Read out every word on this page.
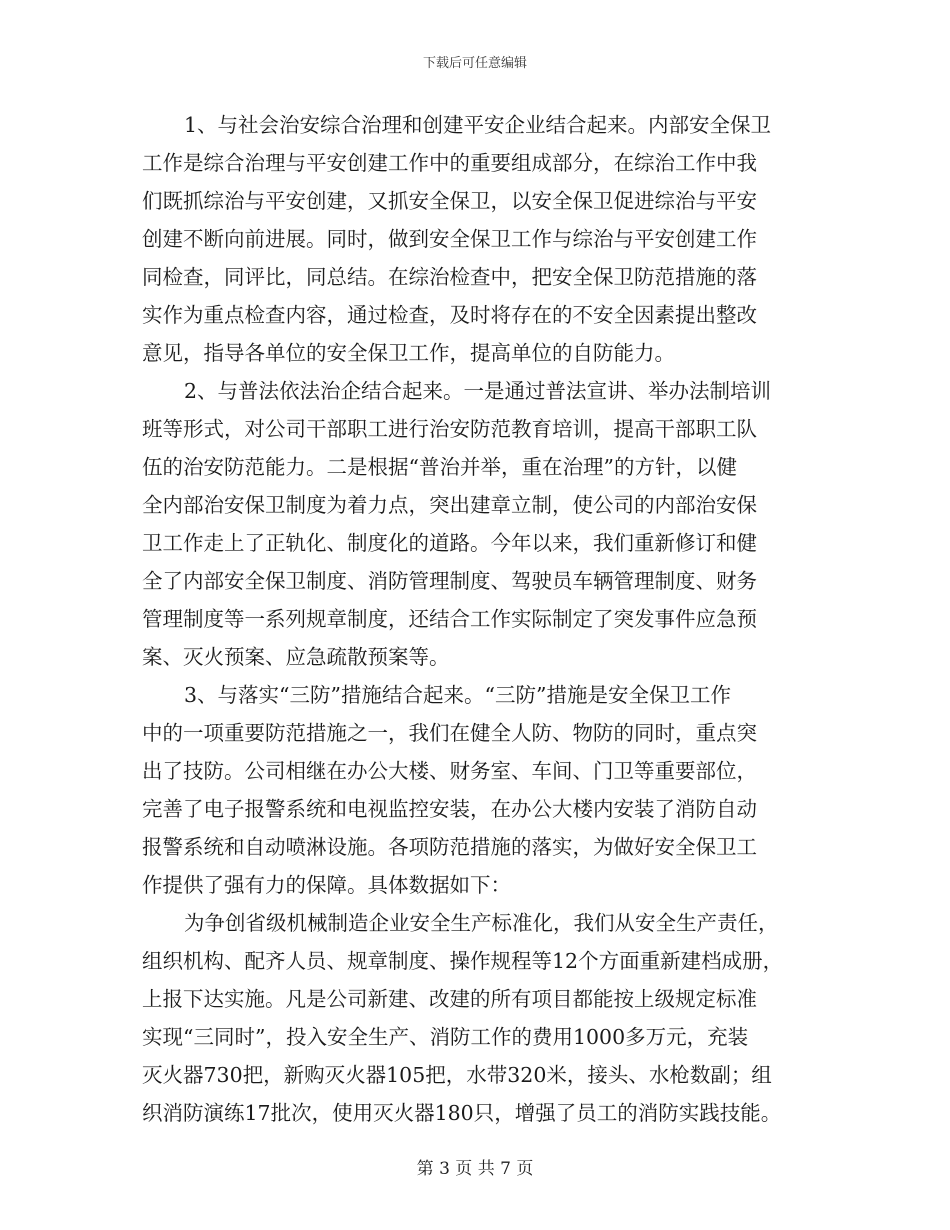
下载后可任意编辑
1、与社会治安综合治理和创建平安企业结合起来。内部安全保卫
工作是综合治理与平安创建工作中的重要组成部分，在综治工作中我
们既抓综治与平安创建，又抓安全保卫，以安全保卫促进综治与平安
创建不断向前进展。同时，做到安全保卫工作与综治与平安创建工作
同检查，同评比，同总结。在综治检查中，把安全保卫防范措施的落
实作为重点检查内容，通过检查，及时将存在的不安全因素提出整改
意见，指导各单位的安全保卫工作，提高单位的自防能力。
2、与普法依法治企结合起来。一是通过普法宣讲、举办法制培训
班等形式，对公司干部职工进行治安防范教育培训，提高干部职工队
伍的治安防范能力。二是根据“普治并举，重在治理”的方针，以健
全内部治安保卫制度为着力点，突出建章立制，使公司的内部治安保
卫工作走上了正轨化、制度化的道路。今年以来，我们重新修订和健
全了内部安全保卫制度、消防管理制度、驾驶员车辆管理制度、财务
管理制度等一系列规章制度，还结合工作实际制定了突发事件应急预
案、灭火预案、应急疏散预案等。
3、与落实“三防”措施结合起来。“三防”措施是安全保卫工作
中的一项重要防范措施之一，我们在健全人防、物防的同时，重点突
出了技防。公司相继在办公大楼、财务室、车间、门卫等重要部位，
完善了电子报警系统和电视监控安装，在办公大楼内安装了消防自动
报警系统和自动喷淋设施。各项防范措施的落实，为做好安全保卫工
作提供了强有力的保障。具体数据如下：
为争创省级机械制造企业安全生产标准化，我们从安全生产责任，
组织机构、配齐人员、规章制度、操作规程等12个方面重新建档成册，
上报下达实施。凡是公司新建、改建的所有项目都能按上级规定标准
实现“三同时”，投入安全生产、消防工作的费用1000多万元，充装
灭火器730把，新购灭火器105把，水带320米，接头、水枪数副；组
织消防演练17批次，使用灭火器180只，增强了员工的消防实践技能。
第 3 页 共 7 页
